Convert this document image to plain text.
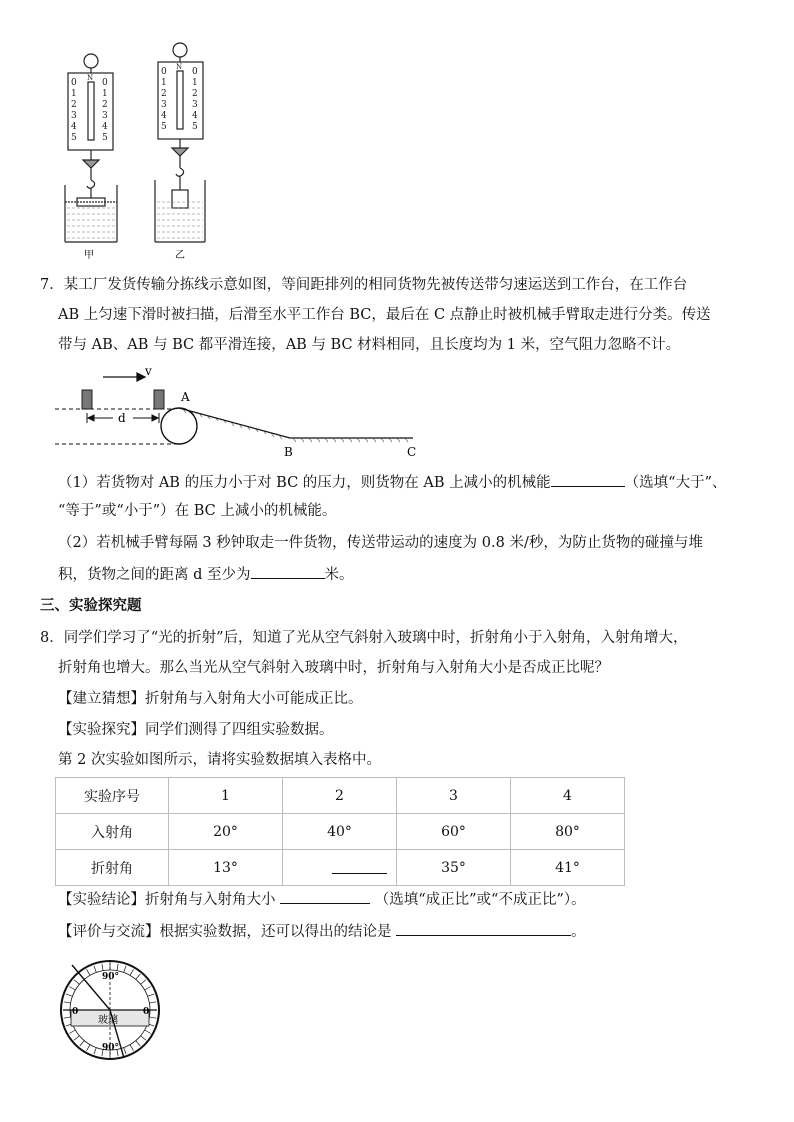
0
1
2
3
4
5
0
1
2
3
4
5
N
甲
0
1
2
3
4
5
0
1
2
3
4
5
N
乙
7．某工厂发货传输分拣线示意如图，等间距排列的相同货物先被传送带匀速运送到工作台，在工作台
AB 上匀速下滑时被扫描，后滑至水平工作台 BC，最后在 C 点静止时被机械手臂取走进行分类。传送
带与 AB、AB 与 BC 都平滑连接，AB 与 BC 材料相同，且长度均为 1 米，空气阻力忽略不计。
v
d
A
B	C
（1）若货物对 AB 的压力小于对 BC 的压力，则货物在 AB 上减小的机械能	（选填“大于”、
“等于”或“小于”）在 BC 上减小的机械能。
（2）若机械手臂每隔 3 秒钟取走一件货物，传送带运动的速度为 0.8 米/秒，为防止货物的碰撞与堆
积，货物之间的距离 d 至少为	米。
三、实验探究题
8．同学们学习了“光的折射”后，知道了光从空气斜射入玻璃中时，折射角小于入射角，入射角增大，
折射角也增大。那么当光从空气斜射入玻璃中时，折射角与入射角大小是否成正比呢？
【建立猜想】折射角与入射角大小可能成正比。
【实验探究】同学们测得了四组实验数据。
第 2 次实验如图所示，请将实验数据填入表格中。
实验序号	1	2	3	4
入射角	20°	40°	60°	80°
折射角	13°		35°	41°
【实验结论】折射角与入射角大小	（选填“成正比”或“不成正比”）。
【评价与交流】根据实验数据，还可以得出的结论是	。
90°
90°
0	0
玻璃
